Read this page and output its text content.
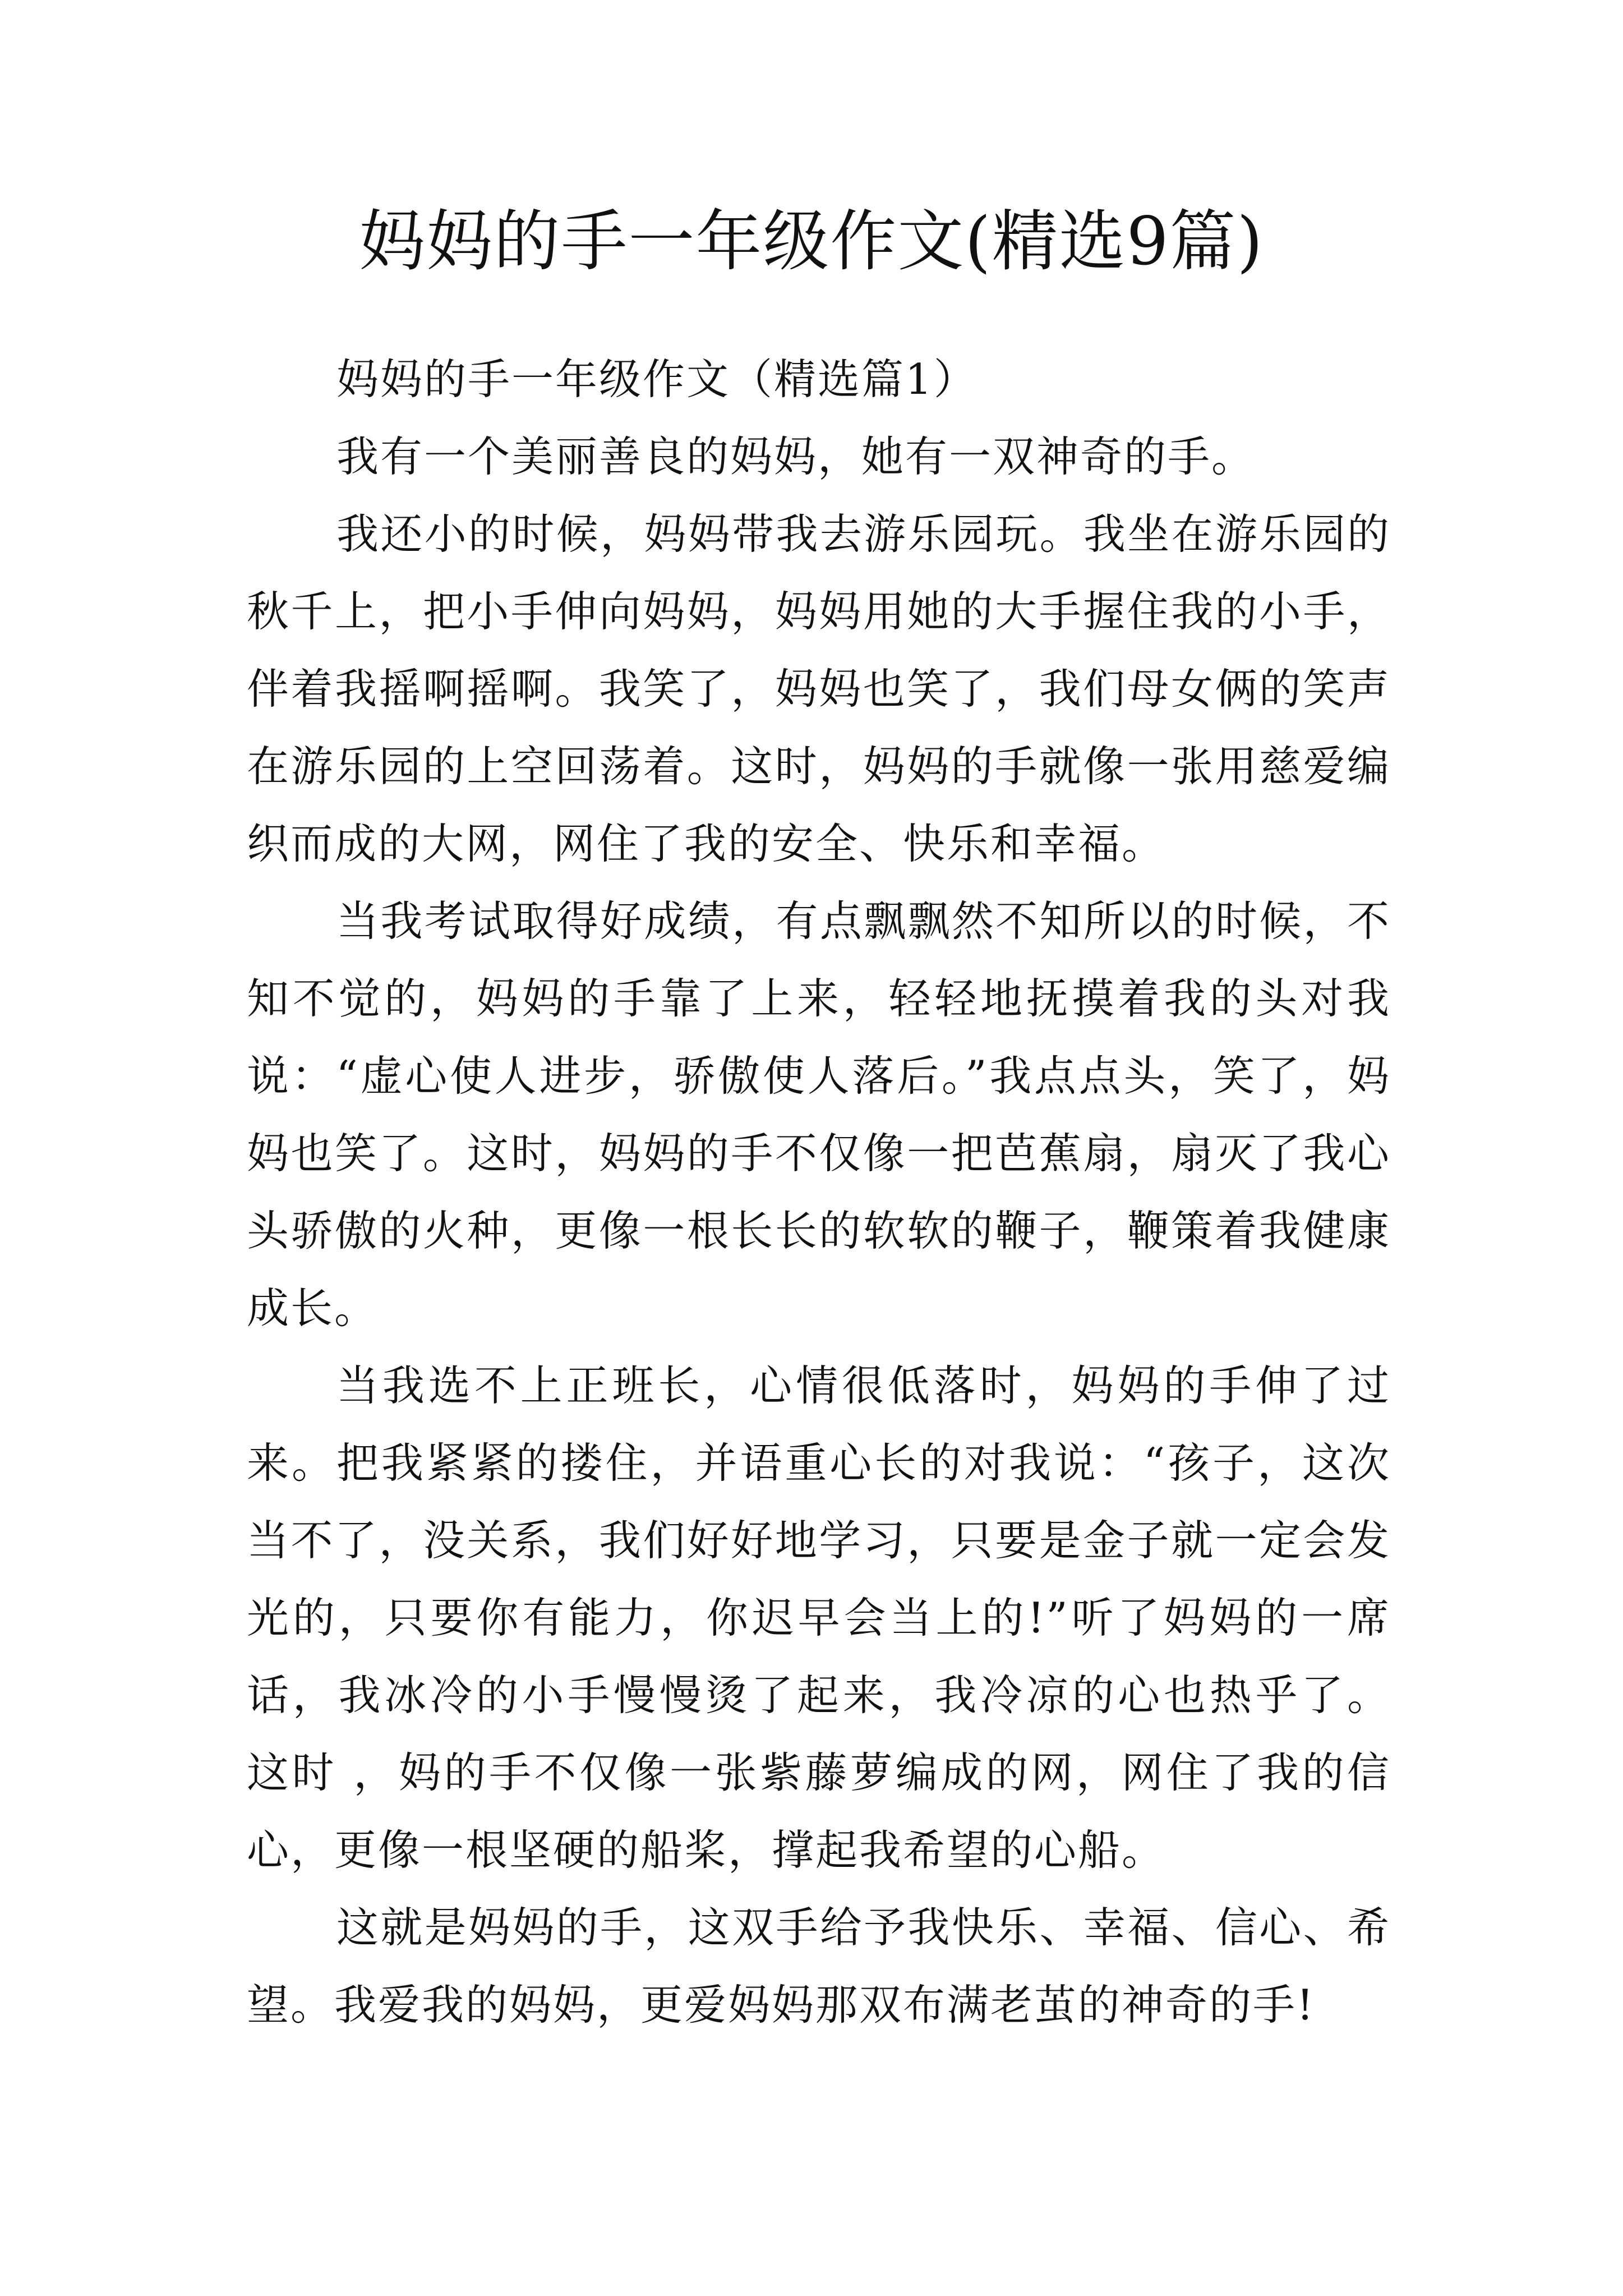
妈妈的手一年级作文(精选9篇)

妈妈的手一年级作文（精选篇1）

我有一个美丽善良的妈妈，她有一双神奇的手。

我还小的时候，妈妈带我去游乐园玩。我坐在游乐园的秋千上，把小手伸向妈妈，妈妈用她的大手握住我的小手，伴着我摇啊摇啊。我笑了，妈妈也笑了，我们母女俩的笑声在游乐园的上空回荡着。这时，妈妈的手就像一张用慈爱编织而成的大网，网住了我的安全、快乐和幸福。

当我考试取得好成绩，有点飘飘然不知所以的时候，不知不觉的，妈妈的手靠了上来，轻轻地抚摸着我的头对我说：“虚心使人进步，骄傲使人落后。”我点点头，笑了，妈妈也笑了。这时，妈妈的手不仅像一把芭蕉扇，扇灭了我心头骄傲的火种，更像一根长长的软软的鞭子，鞭策着我健康成长。

当我选不上正班长，心情很低落时，妈妈的手伸了过来。把我紧紧的搂住，并语重心长的对我说：“孩子，这次当不了，没关系，我们好好地学习，只要是金子就一定会发光的，只要你有能力，你迟早会当上的!”听了妈妈的一席话，我冰冷的小手慢慢烫了起来，我冷凉的心也热乎了。 这时 ，妈的手不仅像一张紫藤萝编成的网，网住了我的信心，更像一根坚硬的船桨，撑起我希望的心船。

这就是妈妈的手，这双手给予我快乐、幸福、信心、希望。我爱我的妈妈，更爱妈妈那双布满老茧的神奇的手!
